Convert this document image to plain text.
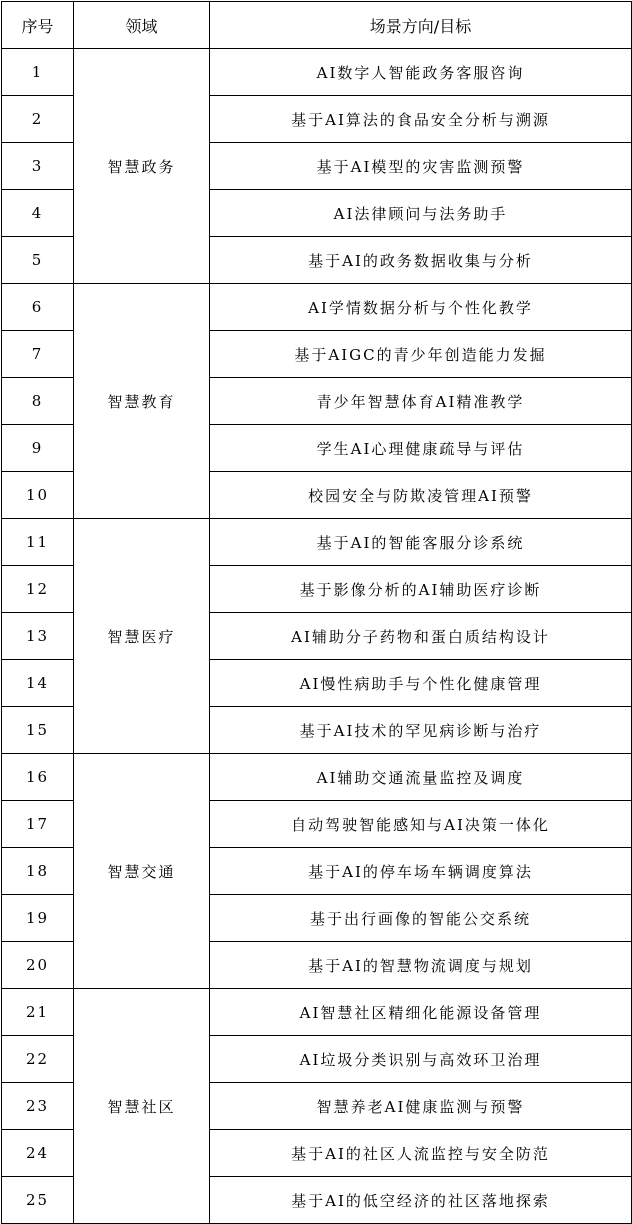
序号	领域	场景方向/目标
1	智慧政务	AI数字人智能政务客服咨询
2		基于AI算法的食品安全分析与溯源
3		基于AI模型的灾害监测预警
4		AI法律顾问与法务助手
5		基于AI的政务数据收集与分析
6	智慧教育	AI学情数据分析与个性化教学
7		基于AIGC的青少年创造能力发掘
8		青少年智慧体育AI精准教学
9		学生AI心理健康疏导与评估
10		校园安全与防欺凌管理AI预警
11	智慧医疗	基于AI的智能客服分诊系统
12		基于影像分析的AI辅助医疗诊断
13		AI辅助分子药物和蛋白质结构设计
14		AI慢性病助手与个性化健康管理
15		基于AI技术的罕见病诊断与治疗
16	智慧交通	AI辅助交通流量监控及调度
17		自动驾驶智能感知与AI决策一体化
18		基于AI的停车场车辆调度算法
19		基于出行画像的智能公交系统
20		基于AI的智慧物流调度与规划
21	智慧社区	AI智慧社区精细化能源设备管理
22		AI垃圾分类识别与高效环卫治理
23		智慧养老AI健康监测与预警
24		基于AI的社区人流监控与安全防范
25		基于AI的低空经济的社区落地探索
